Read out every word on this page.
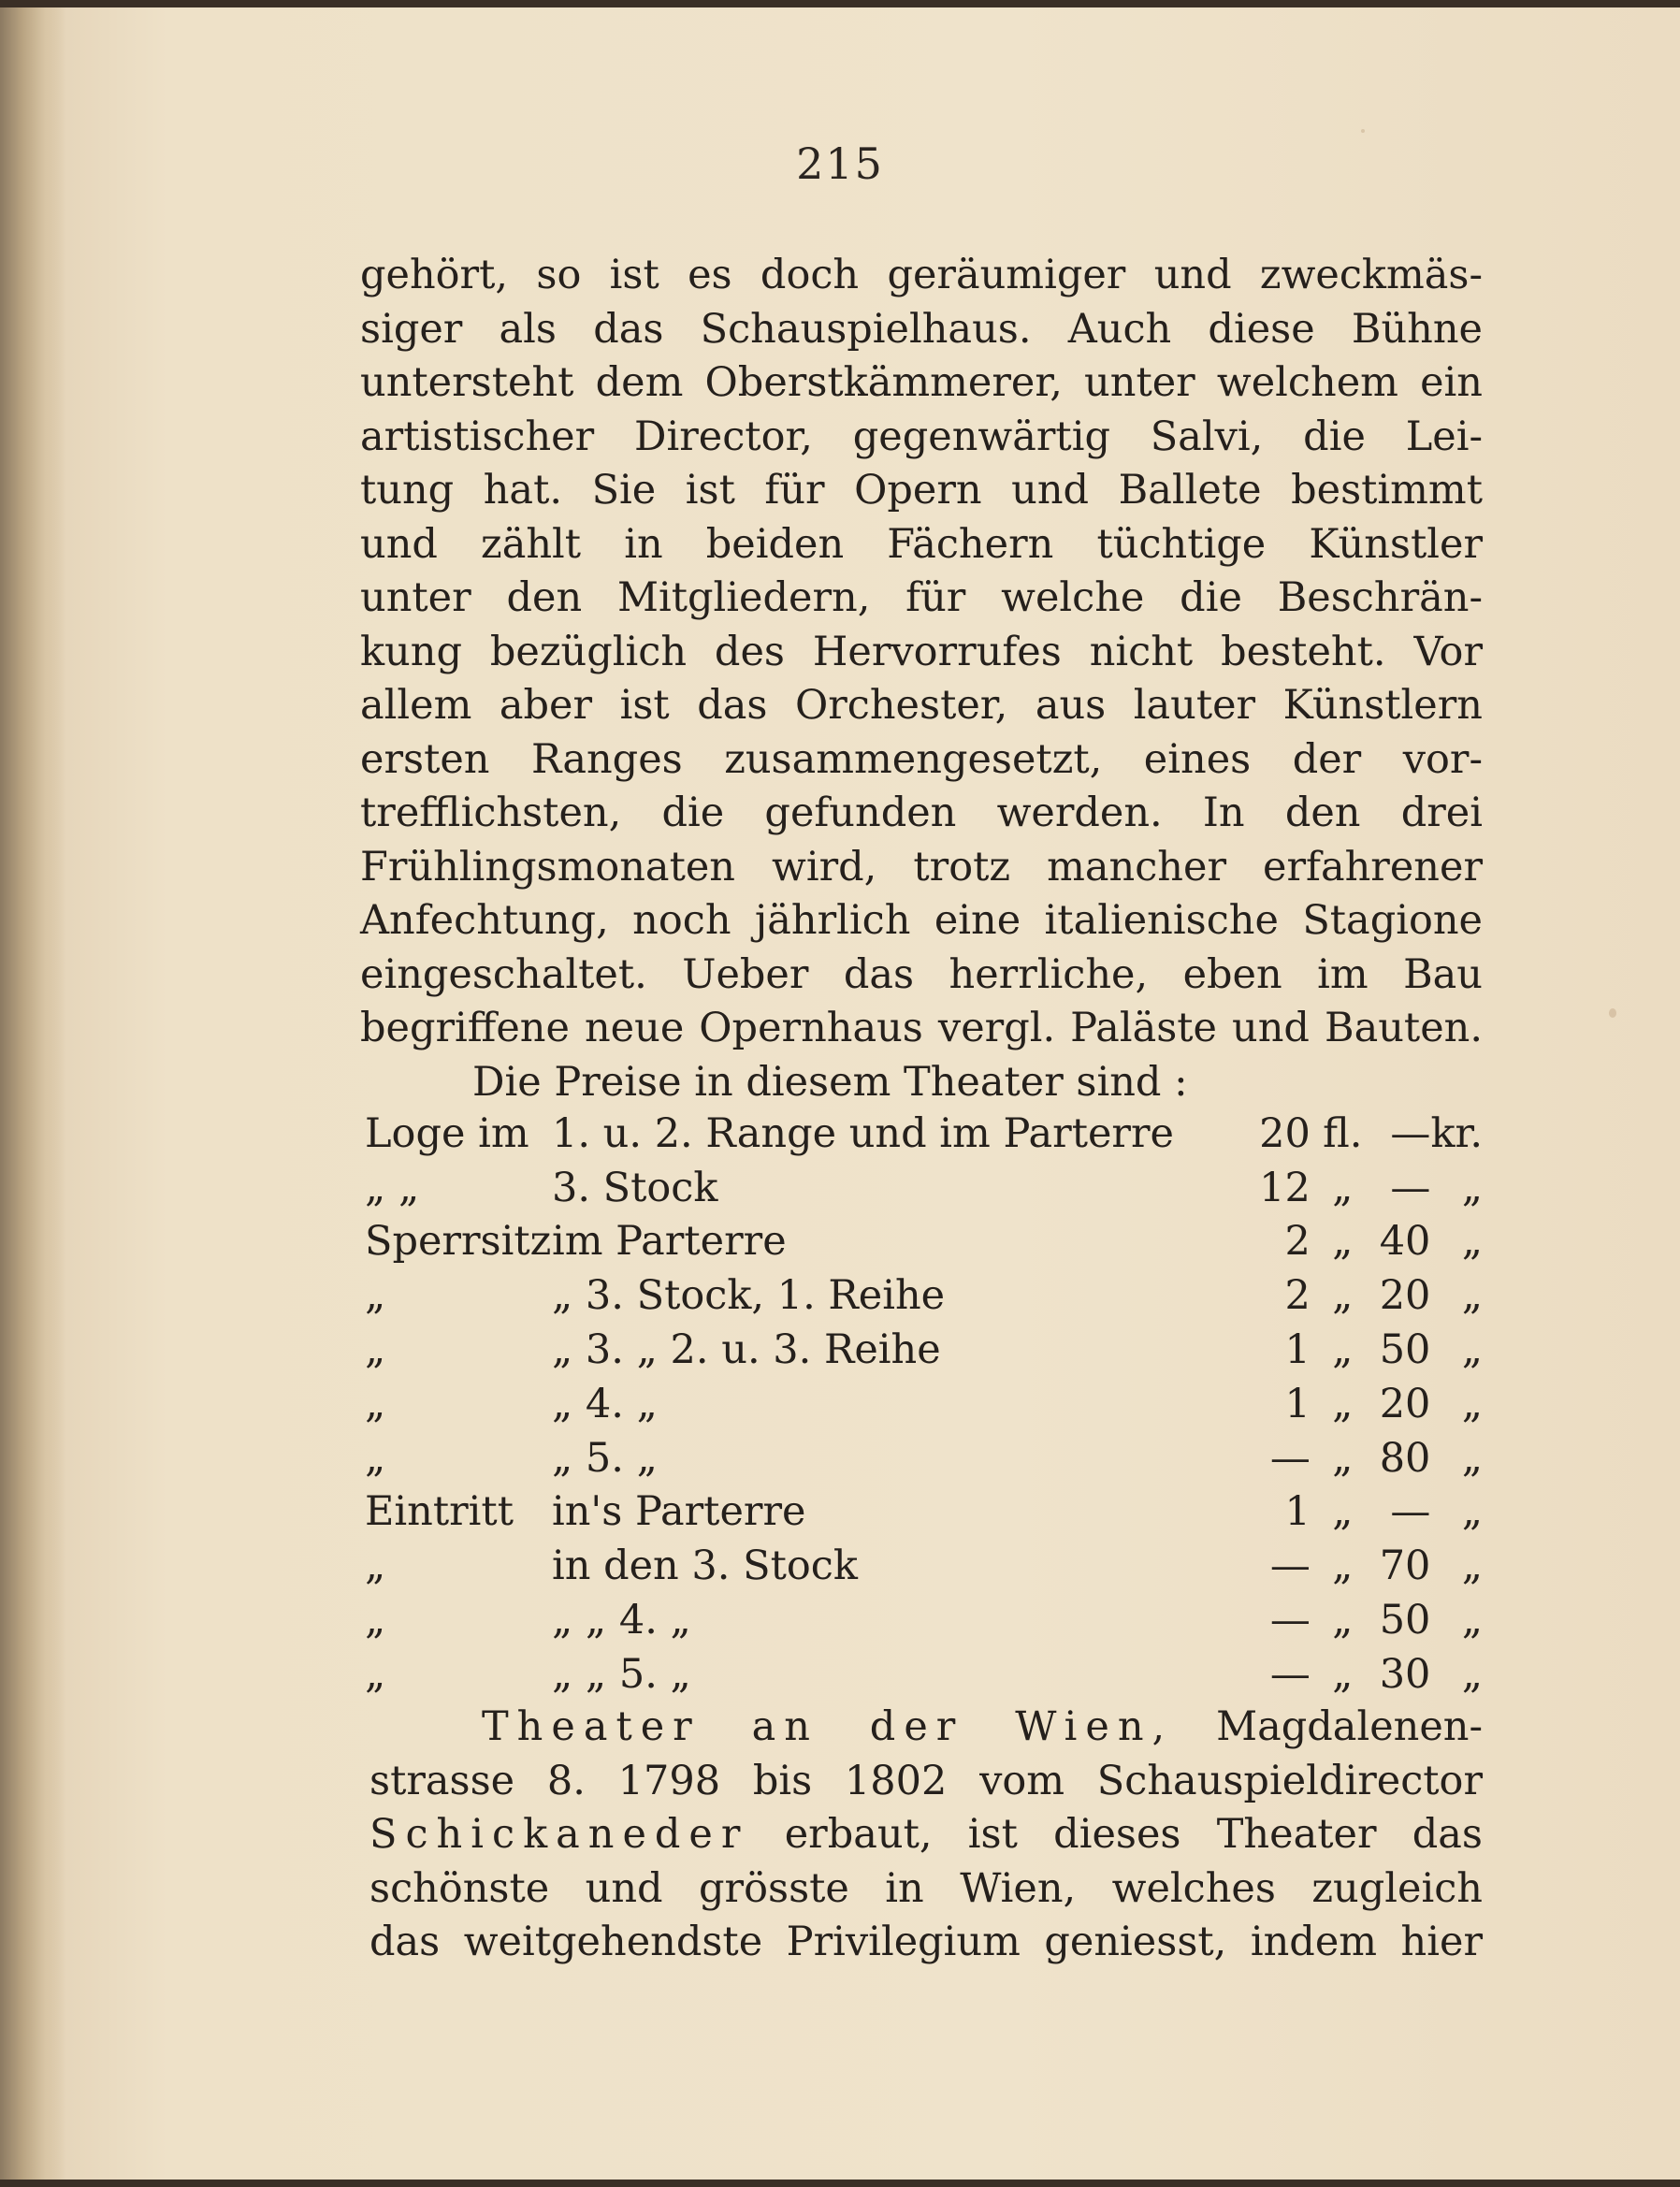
215
gehört, so ist es doch geräumiger und zweckmäs-
siger als das Schauspielhaus. Auch diese Bühne
untersteht dem Oberstkämmerer, unter welchem ein
artistischer Director, gegenwärtig Salvi, die Lei-
tung hat. Sie ist für Opern und Ballete bestimmt
und zählt in beiden Fächern tüchtige Künstler
unter den Mitgliedern, für welche die Beschrän-
kung bezüglich des Hervorrufes nicht besteht. Vor
allem aber ist das Orchester, aus lauter Künstlern
ersten Ranges zusammengesetzt, eines der vor-
trefflichsten, die gefunden werden. In den drei
Frühlingsmonaten wird, trotz mancher erfahrener
Anfechtung, noch jährlich eine italienische Stagione
eingeschaltet. Ueber das herrliche, eben im Bau
begriffene neue Opernhaus vergl. Paläste und Bauten.
Die Preise in diesem Theater sind :
Loge im	1. u. 2. Range und im Parterre	20	fl.	—	kr.
„ „	3. Stock	12	„	—	„
Sperrsitz	im Parterre	2	„	40	„
„	„ 3. Stock, 1. Reihe	2	„	20	„
„	„ 3. „ 2. u. 3. Reihe	1	„	50	„
„	„ 4. „	1	„	20	„
„	„ 5. „	—	„	80	„
Eintritt	in's Parterre	1	„	—	„
„	in den 3. Stock	—	„	70	„
„	„ „ 4. „	—	„	50	„
„	„ „ 5. „	—	„	30	„
Theater an der Wien, Magdalenen-
strasse 8. 1798 bis 1802 vom Schauspieldirector
Schickaneder erbaut, ist dieses Theater das
schönste und grösste in Wien, welches zugleich
das weitgehendste Privilegium geniesst, indem hier
